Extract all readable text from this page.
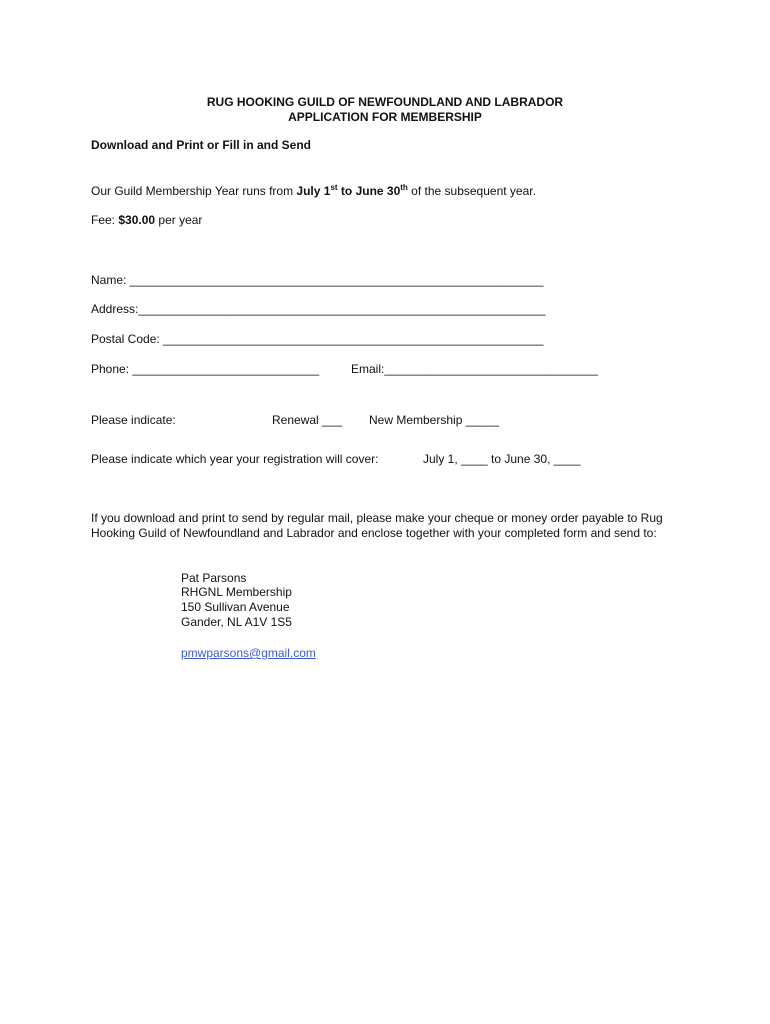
RUG HOOKING GUILD OF NEWFOUNDLAND AND LABRADOR
APPLICATION FOR MEMBERSHIP
Download and Print or Fill in and Send
Our Guild Membership Year runs from July 1st to June 30th of the subsequent year.
Fee: $30.00 per year
Name: ______________________________________________________________
Address:_____________________________________________________________
Postal Code: _________________________________________________________
Phone: ____________________________	Email:________________________________
Please indicate:	Renewal ___ New Membership _____
Please indicate which year your registration will cover:	July 1, ____ to June 30, ____
If you download and print to send by regular mail, please make your cheque or money order payable to Rug Hooking Guild of Newfoundland and Labrador and enclose together with your completed form and send to:
Pat Parsons
RHGNL Membership
150 Sullivan Avenue
Gander, NL A1V 1S5
pmwparsons@gmail.com
